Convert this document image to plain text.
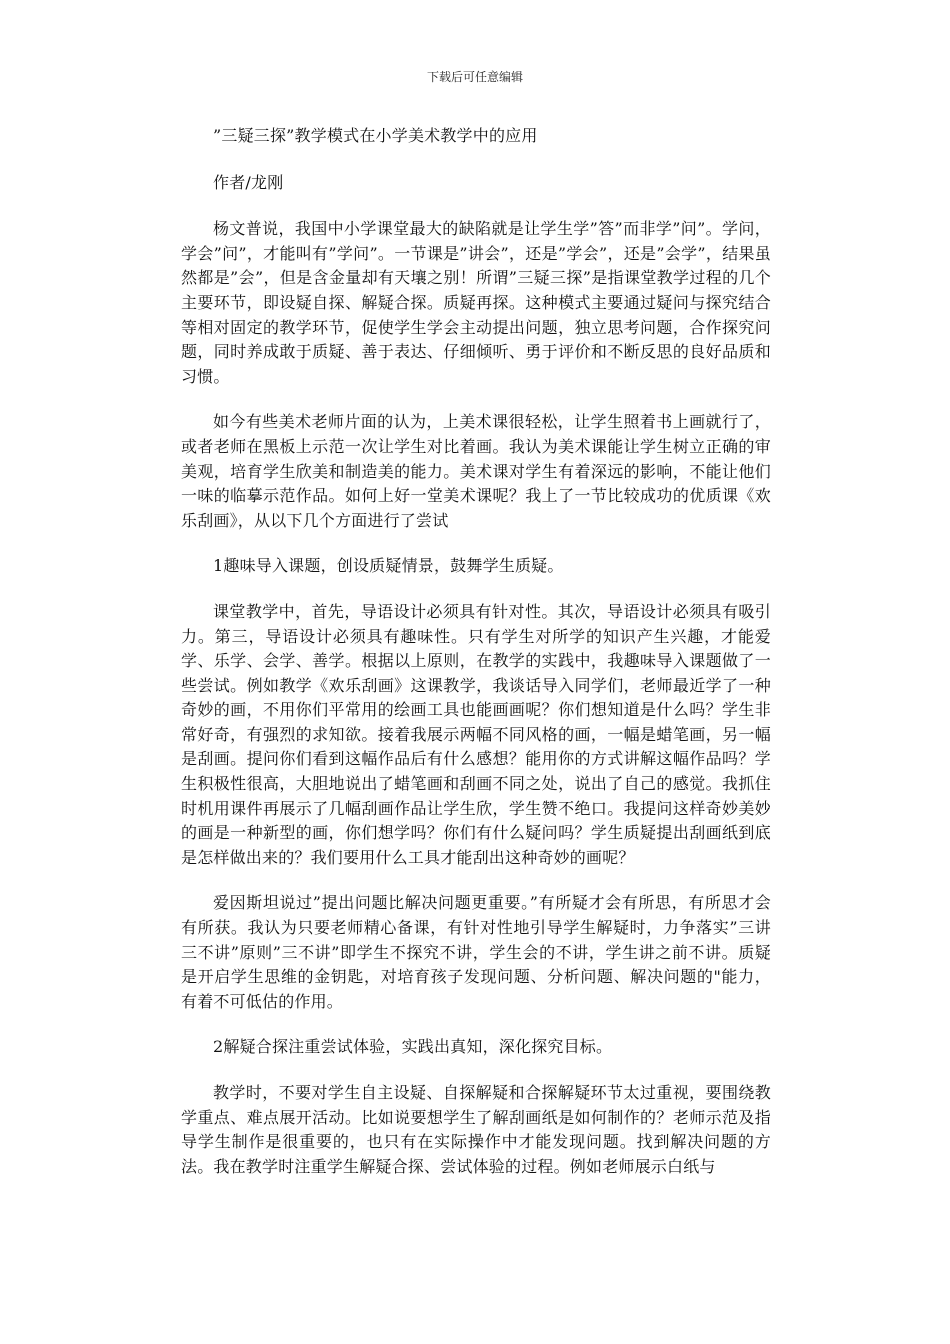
下载后可任意编辑

”三疑三探”教学模式在小学美术教学中的应用

作者/龙刚

杨文普说，我国中小学课堂最大的缺陷就是让学生学”答”而非学”问”。学问，学会”问”，才能叫有”学问”。一节课是”讲会”，还是”学会”，还是”会学”，结果虽然都是”会”，但是含金量却有天壤之别！所谓”三疑三探”是指课堂教学过程的几个主要环节，即设疑自探、解疑合探。质疑再探。这种模式主要通过疑问与探究结合等相对固定的教学环节，促使学生学会主动提出问题，独立思考问题，合作探究问题，同时养成敢于质疑、善于表达、仔细倾听、勇于评价和不断反思的良好品质和习惯。

如今有些美术老师片面的认为，上美术课很轻松，让学生照着书上画就行了，或者老师在黑板上示范一次让学生对比着画。我认为美术课能让学生树立正确的审美观，培育学生欣美和制造美的能力。美术课对学生有着深远的影响，不能让他们一味的临摹示范作品。如何上好一堂美术课呢？我上了一节比较成功的优质课《欢乐刮画》，从以下几个方面进行了尝试

1趣味导入课题，创设质疑情景，鼓舞学生质疑。

课堂教学中，首先，导语设计必须具有针对性。其次，导语设计必须具有吸引力。第三，导语设计必须具有趣味性。只有学生对所学的知识产生兴趣，才能爱学、乐学、会学、善学。根据以上原则，在教学的实践中，我趣味导入课题做了一些尝试。例如教学《欢乐刮画》这课教学，我谈话导入同学们，老师最近学了一种奇妙的画，不用你们平常用的绘画工具也能画画呢？你们想知道是什么吗？学生非常好奇，有强烈的求知欲。接着我展示两幅不同风格的画，一幅是蜡笔画，另一幅是刮画。提问你们看到这幅作品后有什么感想？能用你的方式讲解这幅作品吗？学生积极性很高，大胆地说出了蜡笔画和刮画不同之处，说出了自己的感觉。我抓住时机用课件再展示了几幅刮画作品让学生欣，学生赞不绝口。我提问这样奇妙美妙的画是一种新型的画，你们想学吗？你们有什么疑问吗？学生质疑提出刮画纸到底是怎样做出来的？我们要用什么工具才能刮出这种奇妙的画呢？

爱因斯坦说过”提出问题比解决问题更重要。”有所疑才会有所思，有所思才会有所获。我认为只要老师精心备课，有针对性地引导学生解疑时，力争落实”三讲三不讲”原则”三不讲”即学生不探究不讲，学生会的不讲，学生讲之前不讲。质疑是开启学生思维的金钥匙，对培育孩子发现问题、分析问题、解决问题的"能力，有着不可低估的作用。

2解疑合探注重尝试体验，实践出真知，深化探究目标。

教学时，不要对学生自主设疑、自探解疑和合探解疑环节太过重视，要围绕教学重点、难点展开活动。比如说要想学生了解刮画纸是如何制作的？老师示范及指导学生制作是很重要的，也只有在实际操作中才能发现问题。找到解决问题的方法。我在教学时注重学生解疑合探、尝试体验的过程。例如老师展示白纸与
